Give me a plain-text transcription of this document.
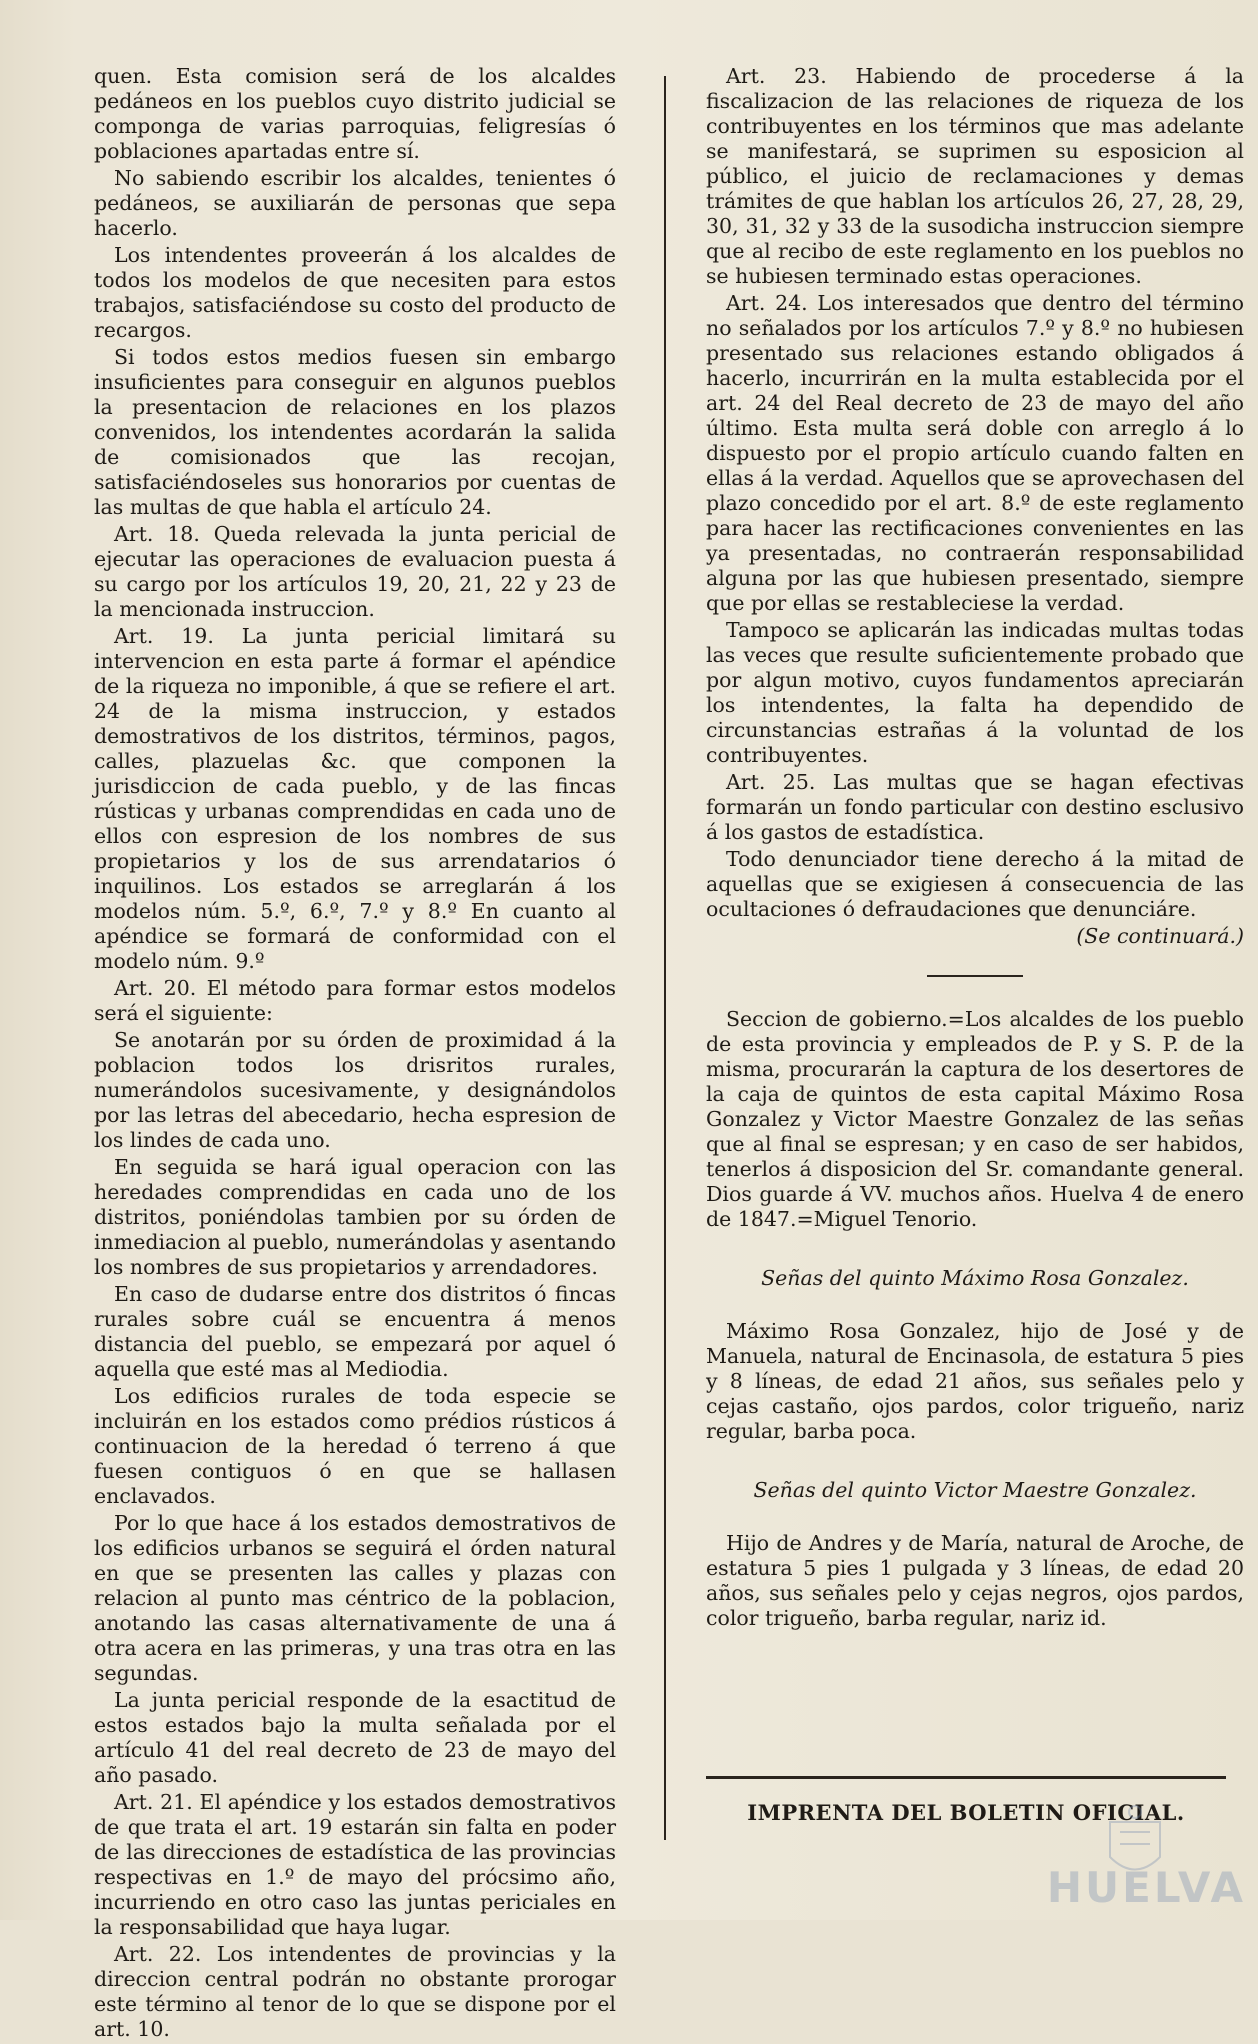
quen. Esta comision será de los alcaldes pedáneos en los pueblos cuyo distrito judicial se componga de varias parroquias, feligresías ó poblaciones apartadas entre sí.

No sabiendo escribir los alcaldes, tenientes ó pedáneos, se auxiliarán de personas que sepa hacerlo.

Los intendentes proveerán á los alcaldes de todos los modelos de que necesiten para estos trabajos, satisfaciéndose su costo del producto de recargos.

Si todos estos medios fuesen sin embargo insuficientes para conseguir en algunos pueblos la presentacion de relaciones en los plazos convenidos, los intendentes acordarán la salida de comisionados que las recojan, satisfaciéndoseles sus honorarios por cuentas de las multas de que habla el artículo 24.

Art. 18. Queda relevada la junta pericial de ejecutar las operaciones de evaluacion puesta á su cargo por los artículos 19, 20, 21, 22 y 23 de la mencionada instruccion.

Art. 19. La junta pericial limitará su intervencion en esta parte á formar el apéndice de la riqueza no imponible, á que se refiere el art. 24 de la misma instruccion, y estados demostrativos de los distritos, términos, pagos, calles, plazuelas &c. que componen la jurisdiccion de cada pueblo, y de las fincas rústicas y urbanas comprendidas en cada uno de ellos con espresion de los nombres de sus propietarios y los de sus arrendatarios ó inquilinos. Los estados se arreglarán á los modelos núm. 5.º, 6.º, 7.º y 8.º En cuanto al apéndice se formará de conformidad con el modelo núm. 9.º

Art. 20. El método para formar estos modelos será el siguiente:

Se anotarán por su órden de proximidad á la poblacion todos los drisritos rurales, numerándolos sucesivamente, y designándolos por las letras del abecedario, hecha espresion de los lindes de cada uno.

En seguida se hará igual operacion con las heredades comprendidas en cada uno de los distritos, poniéndolas tambien por su órden de inmediacion al pueblo, numerándolas y asentando los nombres de sus propietarios y arrendadores.

En caso de dudarse entre dos distritos ó fincas rurales sobre cuál se encuentra á menos distancia del pueblo, se empezará por aquel ó aquella que esté mas al Mediodia.

Los edificios rurales de toda especie se incluirán en los estados como prédios rústicos á continuacion de la heredad ó terreno á que fuesen contiguos ó en que se hallasen enclavados.

Por lo que hace á los estados demostrativos de los edificios urbanos se seguirá el órden natural en que se presenten las calles y plazas con relacion al punto mas céntrico de la poblacion, anotando las casas alternativamente de una á otra acera en las primeras, y una tras otra en las segundas.

La junta pericial responde de la esactitud de estos estados bajo la multa señalada por el artículo 41 del real decreto de 23 de mayo del año pasado.

Art. 21. El apéndice y los estados demostrativos de que trata el art. 19 estarán sin falta en poder de las direcciones de estadística de las provincias respectivas en 1.º de mayo del prócsimo año, incurriendo en otro caso las juntas periciales en la responsabilidad que haya lugar.

Art. 22. Los intendentes de provincias y la direccion central podrán no obstante prorogar este término al tenor de lo que se dispone por el art. 10.

Art. 23. Habiendo de procederse á la fiscalizacion de las relaciones de riqueza de los contribuyentes en los términos que mas adelante se manifestará, se suprimen su esposicion al público, el juicio de reclamaciones y demas trámites de que hablan los artículos 26, 27, 28, 29, 30, 31, 32 y 33 de la susodicha instruccion siempre que al recibo de este reglamento en los pueblos no se hubiesen terminado estas operaciones.

Art. 24. Los interesados que dentro del término no señalados por los artículos 7.º y 8.º no hubiesen presentado sus relaciones estando obligados á hacerlo, incurrirán en la multa establecida por el art. 24 del Real decreto de 23 de mayo del año último. Esta multa será doble con arreglo á lo dispuesto por el propio artículo cuando falten en ellas á la verdad. Aquellos que se aprovechasen del plazo concedido por el art. 8.º de este reglamento para hacer las rectificaciones convenientes en las ya presentadas, no contraerán responsabilidad alguna por las que hubiesen presentado, siempre que por ellas se restableciese la verdad.

Tampoco se aplicarán las indicadas multas todas las veces que resulte suficientemente probado que por algun motivo, cuyos fundamentos apreciarán los intendentes, la falta ha dependido de circunstancias estrañas á la voluntad de los contribuyentes.

Art. 25. Las multas que se hagan efectivas formarán un fondo particular con destino esclusivo á los gastos de estadística.

Todo denunciador tiene derecho á la mitad de aquellas que se exigiesen á consecuencia de las ocultaciones ó defraudaciones que denunciáre.

(Se continuará.)

Seccion de gobierno.=Los alcaldes de los pueblo de esta provincia y empleados de P. y S. P. de la misma, procurarán la captura de los desertores de la caja de quintos de esta capital Máximo Rosa Gonzalez y Victor Maestre Gonzalez de las señas que al final se espresan; y en caso de ser habidos, tenerlos á disposicion del Sr. comandante general. Dios guarde á VV. muchos años. Huelva 4 de enero de 1847.=Miguel Tenorio.

Señas del quinto Máximo Rosa Gonzalez.

Máximo Rosa Gonzalez, hijo de José y de Manuela, natural de Encinasola, de estatura 5 pies y 8 líneas, de edad 21 años, sus señales pelo y cejas castaño, ojos pardos, color trigueño, nariz regular, barba poca.

Señas del quinto Victor Maestre Gonzalez.

Hijo de Andres y de María, natural de Aroche, de estatura 5 pies 1 pulgada y 3 líneas, de edad 20 años, sus señales pelo y cejas negros, ojos pardos, color trigueño, barba regular, nariz id.

IMPRENTA DEL BOLETIN OFICIAL.
HUELVA
